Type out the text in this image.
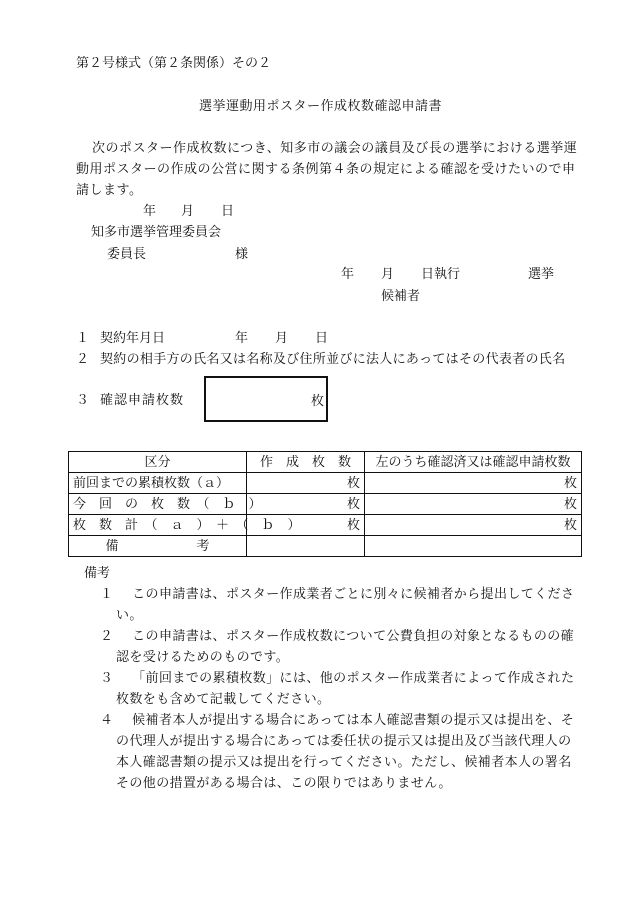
第２号様式（第２条関係）その２
選挙運動用ポスター作成枚数確認申請書
次のポスター作成枚数につき、知多市の議会の議員及び長の選挙における選挙運
動用ポスターの作成の公営に関する条例第４条の規定による確認を受けたいので申
請します。
年 月 日
知多市選挙管理委員会
委員長	様
年 月 日執行	選挙
候補者
１ 契約年月日	年 月 日
２ 契約の相手方の氏名又は名称及び住所並びに法人にあってはその代表者の氏名
３ 確認申請枚数	枚
区分	作　成　枚　数	左のうち確認済又は確認申請枚数
前回までの累積枚数（ａ）	枚	枚
今　回　の　枚　数　（　ｂ　）	枚	枚
枚　数　計　（　ａ　）　＋　（　ｂ　）	枚	枚
備　　　　　　考		
備考
１ この申請書は、ポスター作成業者ごとに別々に候補者から提出してくださ
い。
２ この申請書は、ポスター作成枚数について公費負担の対象となるものの確
認を受けるためのものです。
３ 「前回までの累積枚数」には、他のポスター作成業者によって作成された
枚数をも含めて記載してください。
４ 候補者本人が提出する場合にあっては本人確認書類の提示又は提出を、そ
の代理人が提出する場合にあっては委任状の提示又は提出及び当該代理人の
本人確認書類の提示又は提出を行ってください。ただし、候補者本人の署名
その他の措置がある場合は、この限りではありません。
